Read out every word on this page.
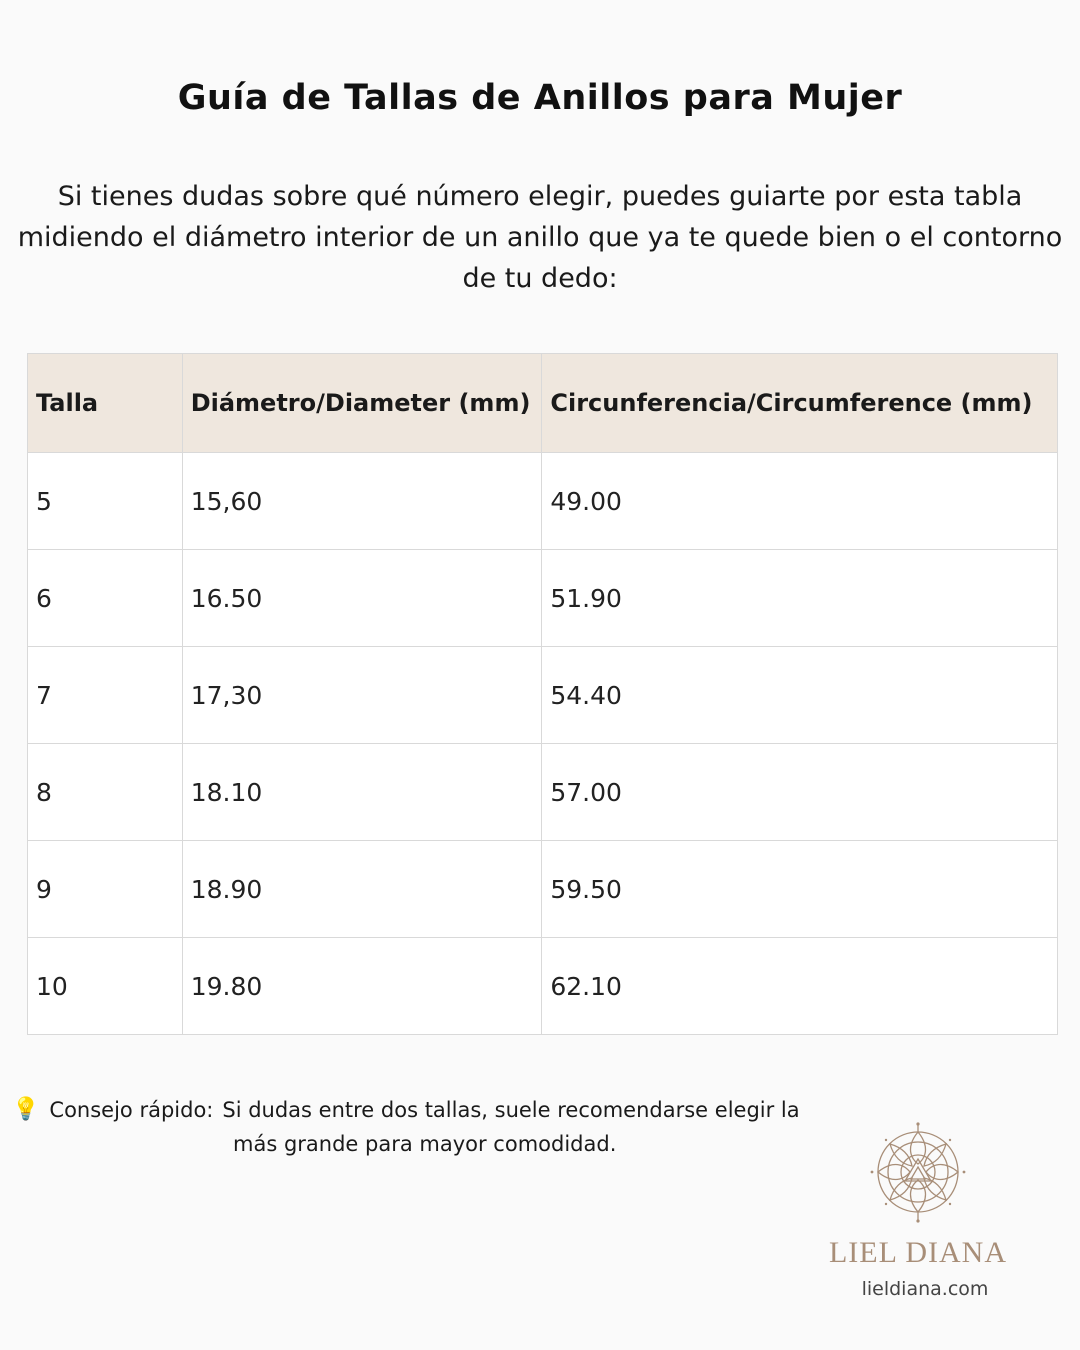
Guía de Tallas de Anillos para Mujer
Si tienes dudas sobre qué número elegir, puedes guiarte por esta tabla
midiendo el diámetro interior de un anillo que ya te quede bien o el contorno
de tu dedo:
Talla	Diámetro/Diameter (mm)	Circunferencia/Circumference (mm)
5	15,60	49.00
6	16.50	51.90
7	17,30	54.40
8	18.10	57.00
9	18.90	59.50
10	19.80	62.10
💡 Consejo rápido: Si dudas entre dos tallas, suele recomendarse elegir la
más grande para mayor comodidad.
LIEL DIANA
lieldiana.com
